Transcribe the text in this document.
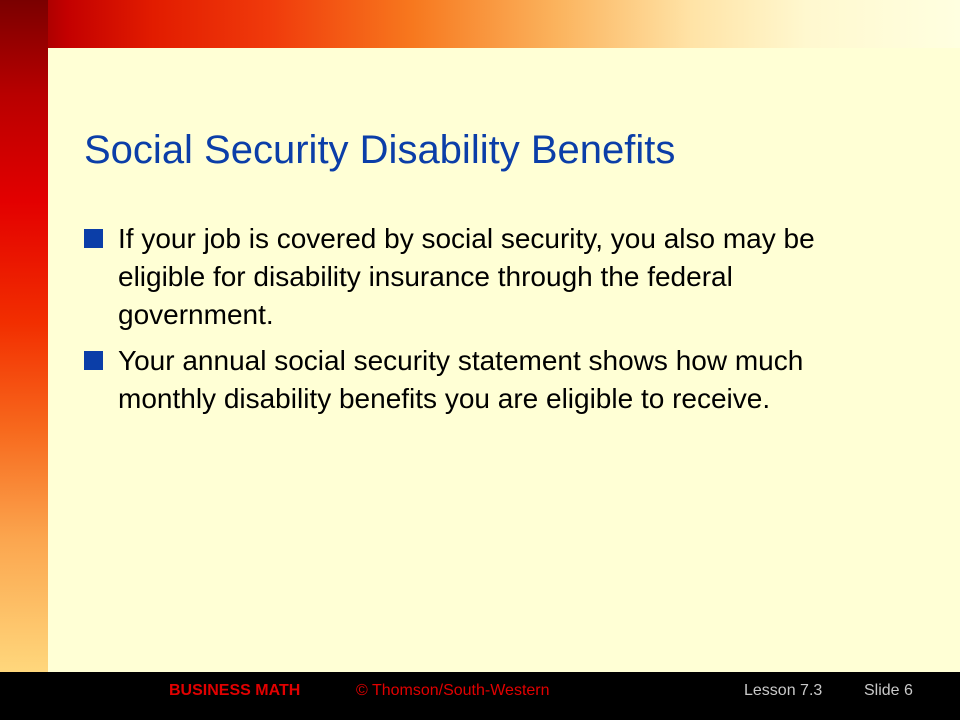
Social Security Disability Benefits
If your job is covered by social security, you also may be eligible for disability insurance through the federal government.
Your annual social security statement shows how much monthly disability benefits you are eligible to receive.
BUSINESS MATH	© Thomson/South-Western	Lesson 7.3	Slide 6
